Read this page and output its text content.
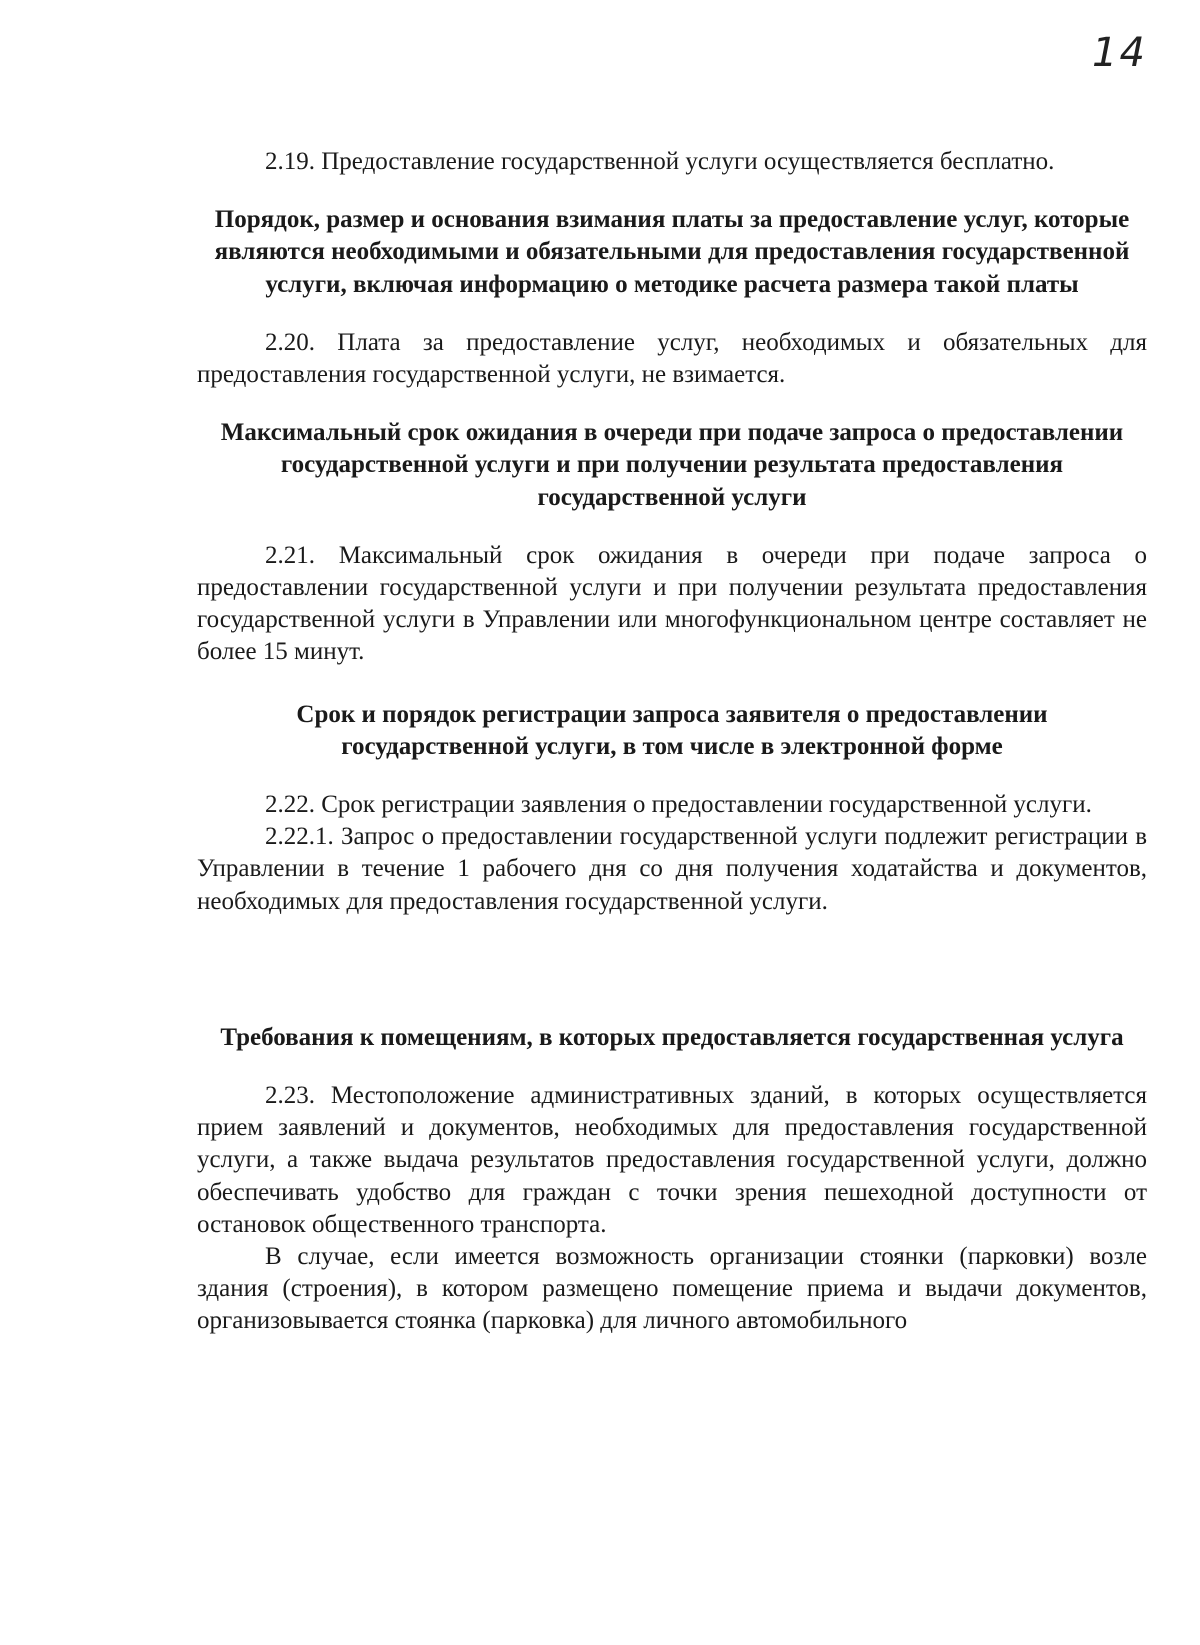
14

2.19. Предоставление государственной услуги осуществляется бесплатно.

Порядок, размер и основания взимания платы за предоставление услуг, которые являются необходимыми и обязательными для предоставления государственной услуги, включая информацию о методике расчета размера такой платы

2.20. Плата за предоставление услуг, необходимых и обязательных для предоставления государственной услуги, не взимается.

Максимальный срок ожидания в очереди при подаче запроса о предоставлении государственной услуги и при получении результата предоставления государственной услуги

2.21. Максимальный срок ожидания в очереди при подаче запроса о предоставлении государственной услуги и при получении результата предоставления государственной услуги в Управлении или многофункциональном центре составляет не более 15 минут.

Срок и порядок регистрации запроса заявителя о предоставлении государственной услуги, в том числе в электронной форме

2.22. Срок регистрации заявления о предоставлении государственной услуги.

2.22.1. Запрос о предоставлении государственной услуги подлежит регистрации в Управлении в течение 1 рабочего дня со дня получения ходатайства и документов, необходимых для предоставления государственной услуги.

Требования к помещениям, в которых предоставляется государственная услуга

2.23. Местоположение административных зданий, в которых осуществляется прием заявлений и документов, необходимых для предоставления государственной услуги, а также выдача результатов предоставления государственной услуги, должно обеспечивать удобство для граждан с точки зрения пешеходной доступности от остановок общественного транспорта.

В случае, если имеется возможность организации стоянки (парковки) возле здания (строения), в котором размещено помещение приема и выдачи документов, организовывается стоянка (парковка) для личного автомобильного
